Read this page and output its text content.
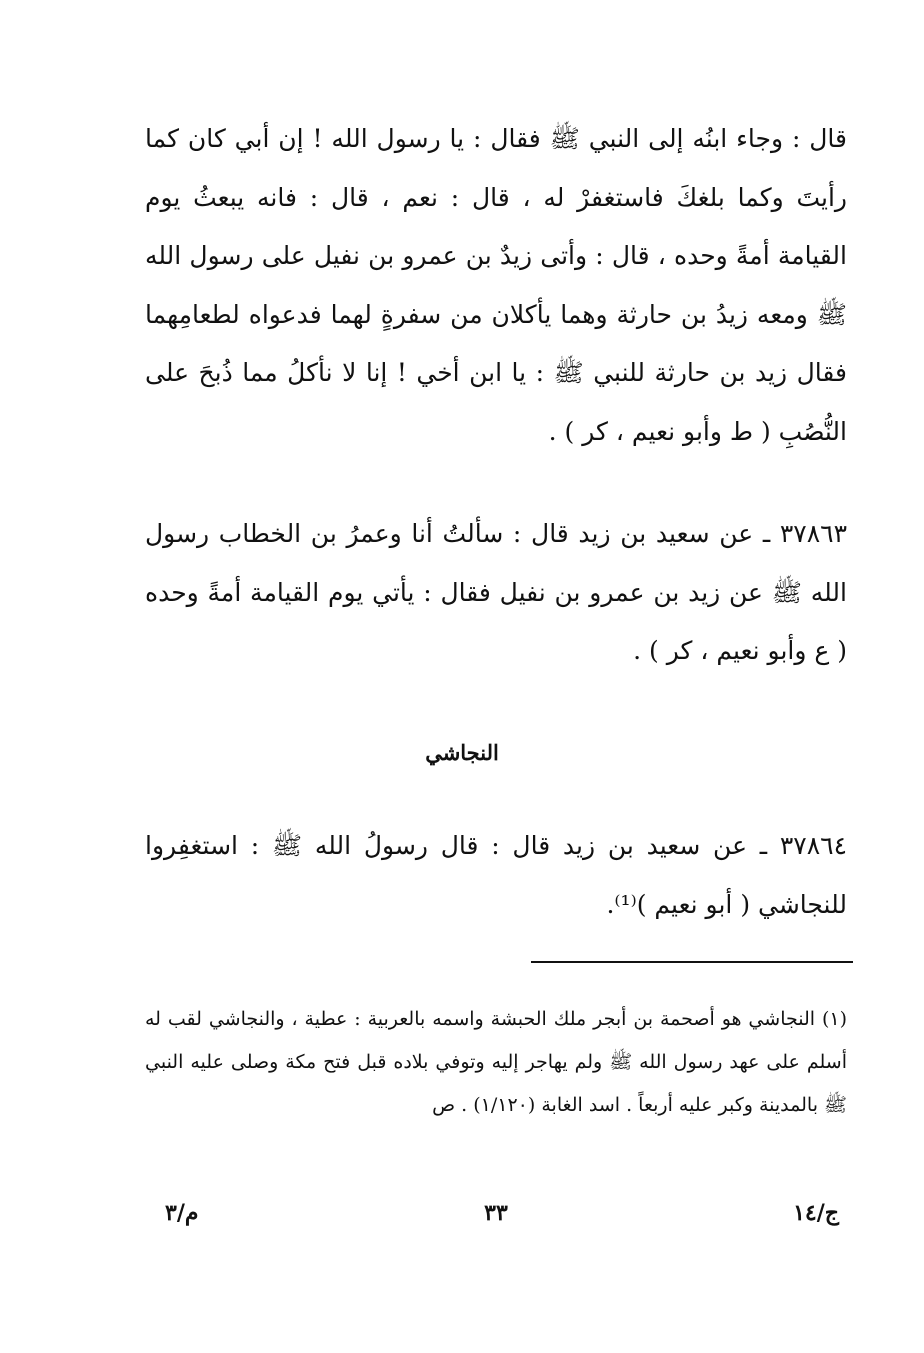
قال : وجاء ابنُه إلى النبي ﷺ فقال : يا رسول الله ! إن أبي كان كما رأيتَ وكما بلغكَ فاستغفرْ له ، قال : نعم ، قال : فانه يبعثُ يوم القيامة أمةً وحده ، قال : وأتى زيدٌ بن عمرو بن نفيل على رسول الله ﷺ ومعه زيدُ بن حارثة وهما يأكلان من سفرةٍ لهما فدعواه لطعامِهما فقال زيد بن حارثة للنبي ﷺ : يا ابن أخي ! إنا لا نأكلُ مما ذُبحَ على النُّصُبِ ( ط وأبو نعيم ، كر ) .
٣٧٨٦٣ ـ عن سعيد بن زيد قال : سألتُ أنا وعمرُ بن الخطاب رسول الله ﷺ عن زيد بن عمرو بن نفيل فقال : يأتي يوم القيامة أمةً وحده ( ع وأبو نعيم ، كر ) .
النجاشي
٣٧٨٦٤ ـ عن سعيد بن زيد قال : قال رسولُ الله ﷺ : استغفِروا للنجاشي ( أبو نعيم )⁽¹⁾.
(١) النجاشي هو أصحمة بن أبجر ملك الحبشة واسمه بالعربية : عطية ، والنجاشي لقب له أسلم على عهد رسول الله ﷺ ولم يهاجر إليه وتوفي بلاده قبل فتح مكة وصلى عليه النبي ﷺ بالمدينة وكبر عليه أربعاً . اسد الغابة (١/١٢٠) . ص
ج/١٤
٣٣
م/٣
